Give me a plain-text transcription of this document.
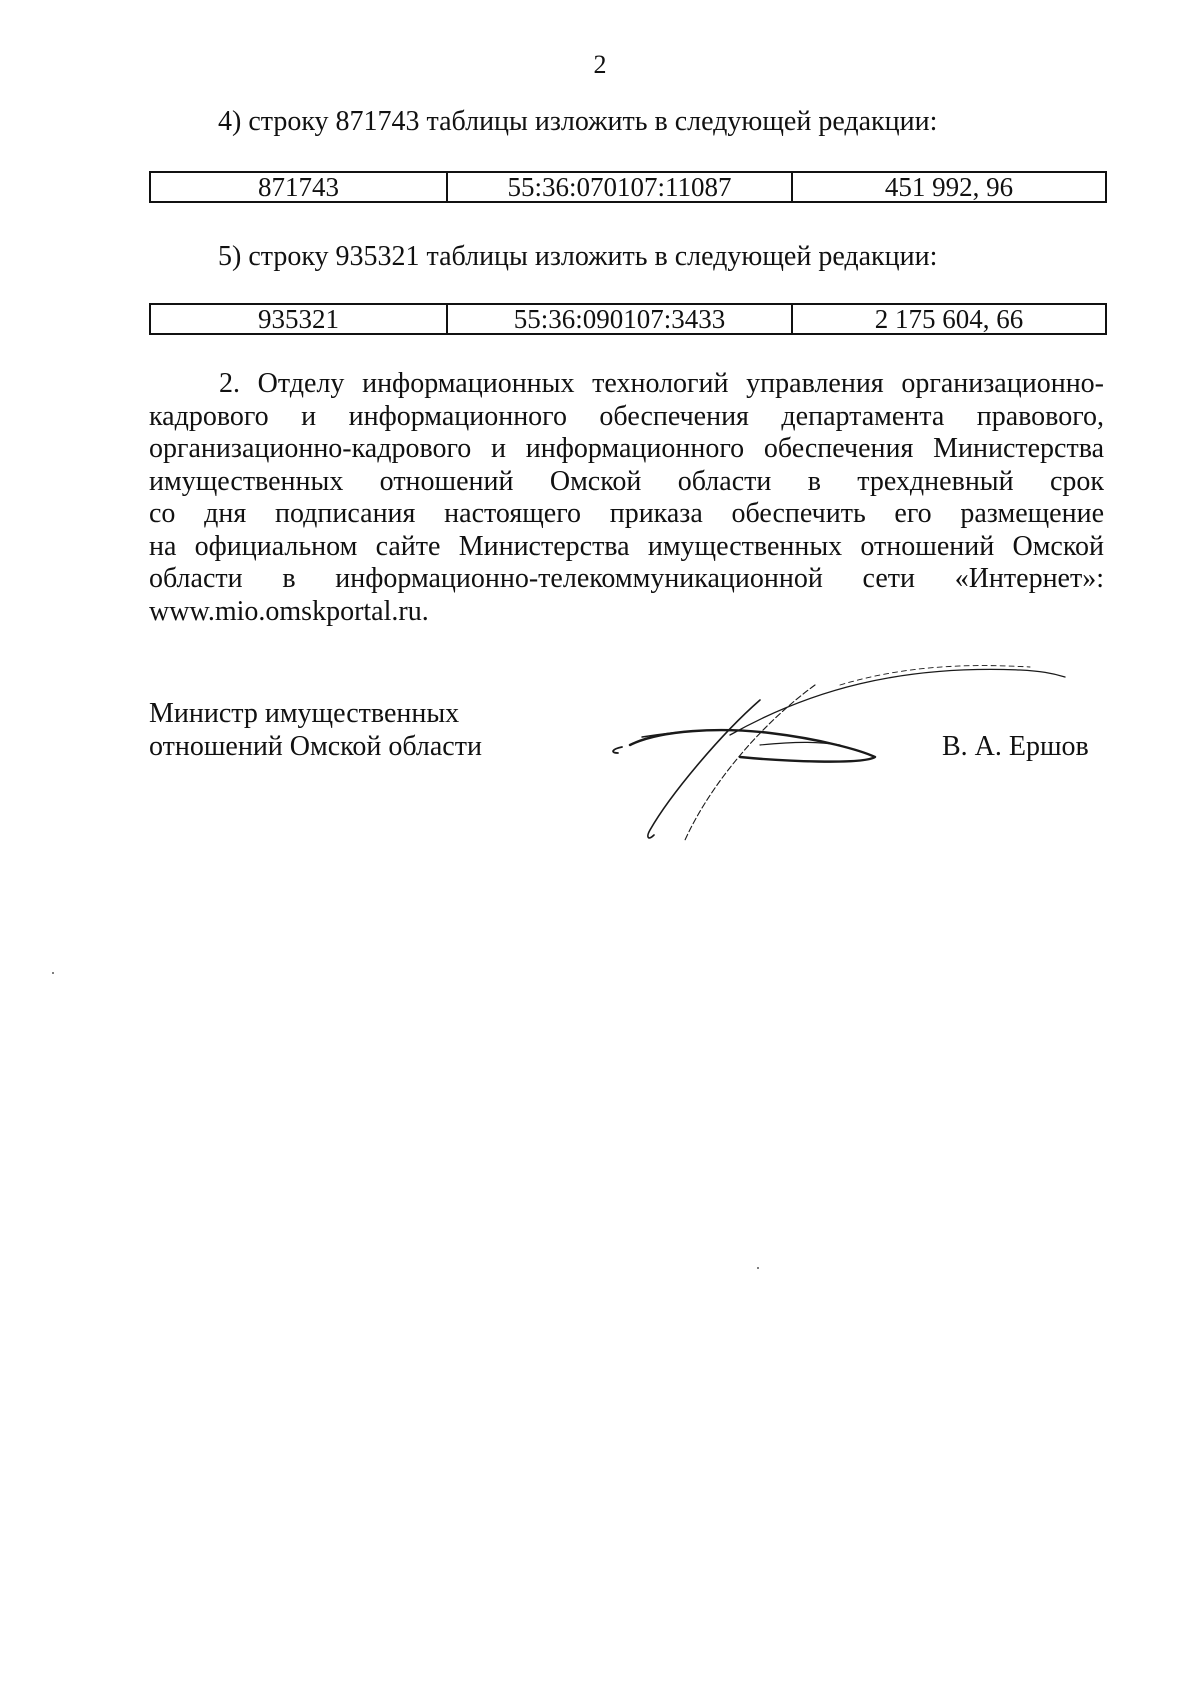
2
4) строку 871743 таблицы изложить в следующей редакции:
871743	55:36:070107:11087	451 992, 96
5) строку 935321 таблицы изложить в следующей редакции:
935321	55:36:090107:3433	2 175 604, 66
2. Отделу информационных технологий управления организационно-
кадрового и информационного обеспечения департамента правового,
организационно-кадрового и информационного обеспечения Министерства
имущественных отношений Омской области в трехдневный срок
со дня подписания настоящего приказа обеспечить его размещение
на официальном сайте Министерства имущественных отношений Омской
области в информационно-телекоммуникационной сети «Интернет»:
www.mio.omskportal.ru.
Министр имущественных
отношений Омской области	В. А. Ершов
